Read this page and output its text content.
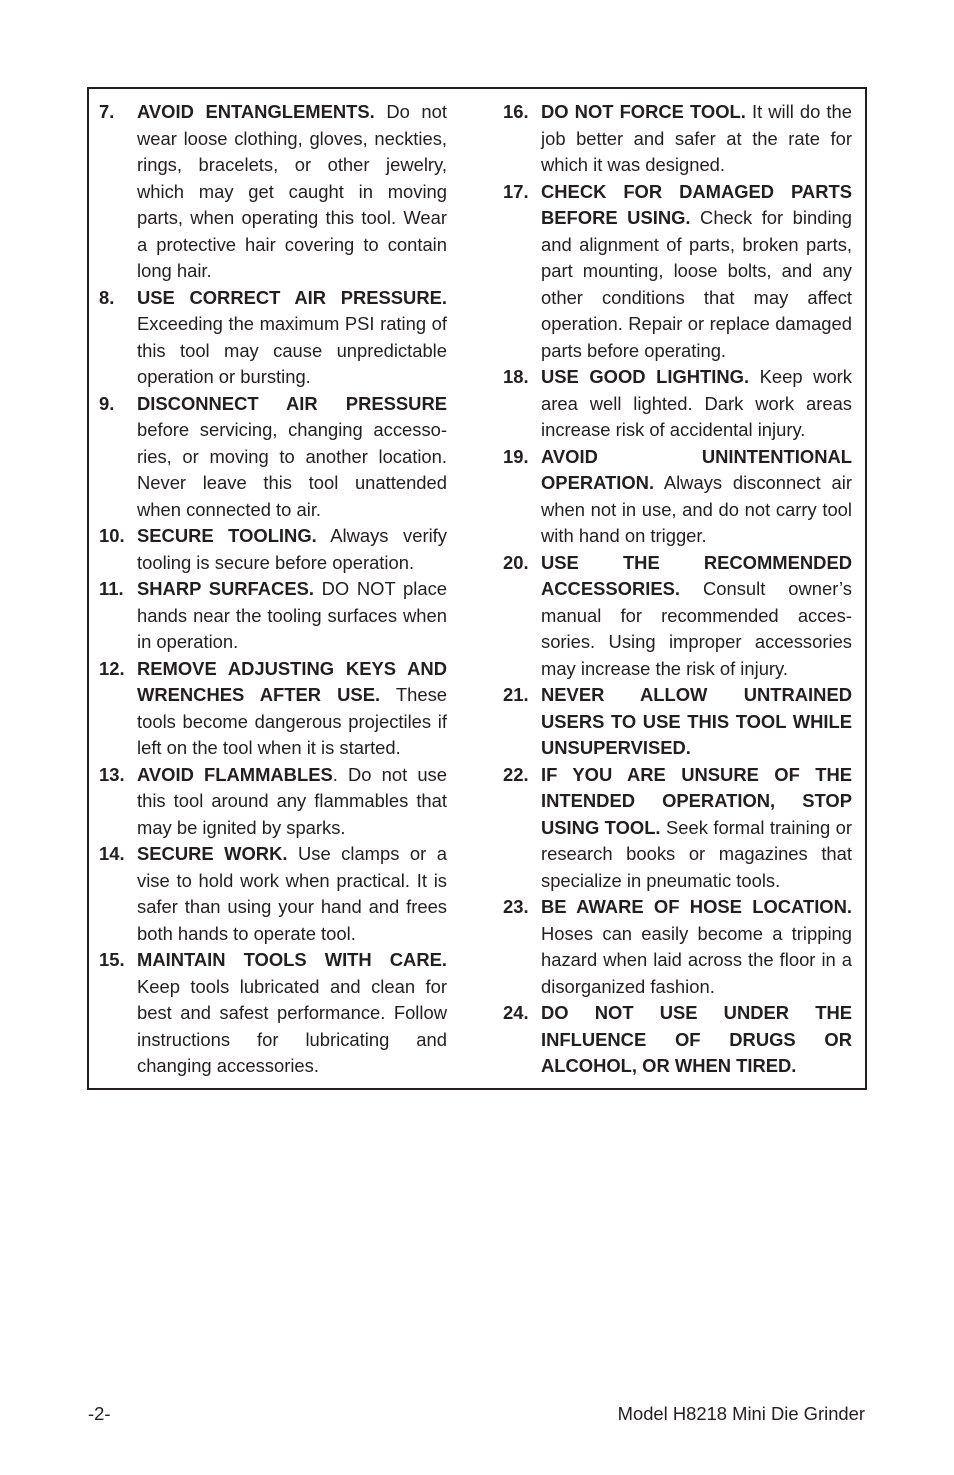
7.	AVOID ENTANGLEMENTS. Do not wear loose clothing, gloves, neckties, rings, bracelets, or other jewelry, which may get caught in moving parts, when operating this tool. Wear a protective hair covering to contain long hair.
8.	USE CORRECT AIR PRESSURE. Exceeding the maximum PSI rating of this tool may cause unpredictable operation or bursting.
9.	DISCONNECT AIR PRESSURE before servicing, changing accessories, or moving to another location. Never leave this tool unattended when connected to air.
10. SECURE TOOLING. Always verify tooling is secure before operation.
11. SHARP SURFACES. DO NOT place hands near the tooling surfaces when in operation.
12. REMOVE ADJUSTING KEYS AND WRENCHES AFTER USE. These tools become dangerous projectiles if left on the tool when it is started.
13. AVOID FLAMMABLES. Do not use this tool around any flammables that may be ignited by sparks.
14. SECURE WORK. Use clamps or a vise to hold work when practical. It is safer than using your hand and frees both hands to operate tool.
15. MAINTAIN TOOLS WITH CARE. Keep tools lubricated and clean for best and safest performance. Follow instructions for lubricating and changing accessories.
16. DO NOT FORCE TOOL. It will do the job better and safer at the rate for which it was designed.
17. CHECK FOR DAMAGED PARTS BEFORE USING. Check for binding and alignment of parts, broken parts, part mounting, loose bolts, and any other conditions that may affect operation. Repair or replace damaged parts before operating.
18. USE GOOD LIGHTING. Keep work area well lighted. Dark work areas increase risk of accidental injury.
19. AVOID UNINTENTIONAL OPERATION. Always disconnect air when not in use, and do not carry tool with hand on trigger.
20. USE THE RECOMMENDED ACCESSORIES. Consult owner’s manual for recommended accessories. Using improper accessories may increase the risk of injury.
21. NEVER ALLOW UNTRAINED USERS TO USE THIS TOOL WHILE UNSUPERVISED.
22. IF YOU ARE UNSURE OF THE INTENDED OPERATION, STOP USING TOOL. Seek formal training or research books or magazines that specialize in pneumatic tools.
23. BE AWARE OF HOSE LOCATION. Hoses can easily become a tripping hazard when laid across the floor in a disorganized fashion.
24. DO NOT USE UNDER THE INFLUENCE OF DRUGS OR ALCOHOL, OR WHEN TIRED.
-2-	Model H8218 Mini Die Grinder
